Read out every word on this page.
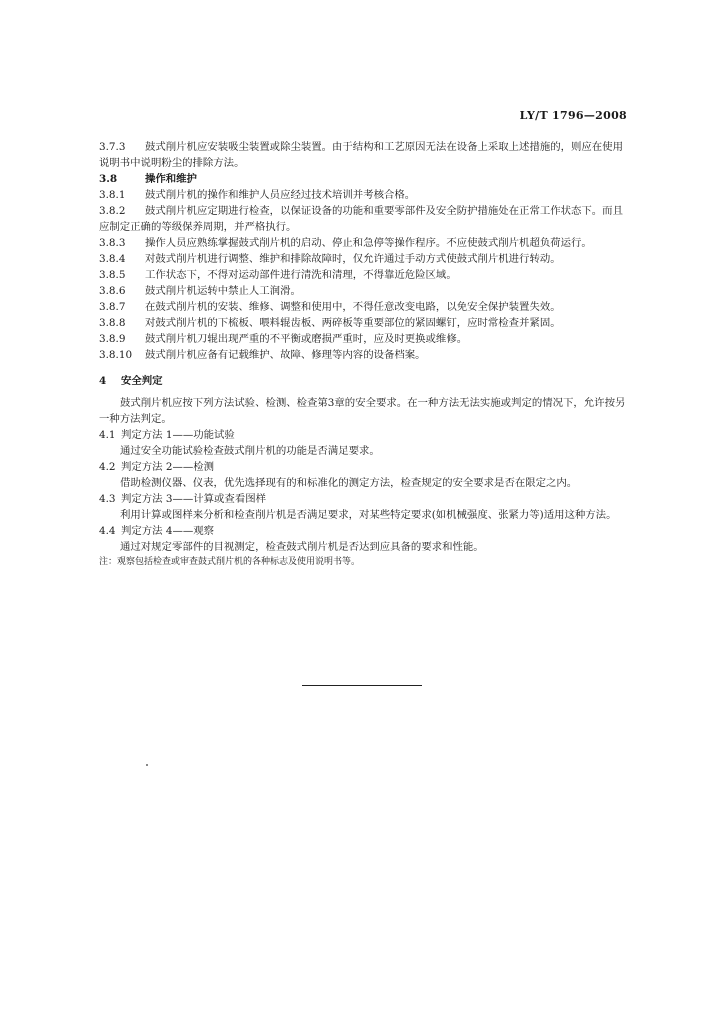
LY/T 1796—2008

3.7.3 鼓式削片机应安装吸尘装置或除尘装置。由于结构和工艺原因无法在设备上采取上述措施的，则应在使用说明书中说明粉尘的排除方法。

3.8	操作和维护

3.8.1 鼓式削片机的操作和维护人员应经过技术培训并考核合格。

3.8.2 鼓式削片机应定期进行检查，以保证设备的功能和重要零部件及安全防护措施处在正常工作状态下。而且应制定正确的等级保养周期，并严格执行。

3.8.3 操作人员应熟练掌握鼓式削片机的启动、停止和急停等操作程序。不应使鼓式削片机超负荷运行。

3.8.4 对鼓式削片机进行调整、维护和排除故障时，仅允许通过手动方式使鼓式削片机进行转动。

3.8.5 工作状态下，不得对运动部件进行清洗和清理，不得靠近危险区域。

3.8.6 鼓式削片机运转中禁止人工润滑。

3.8.7 在鼓式削片机的安装、维修、调整和使用中，不得任意改变电路，以免安全保护装置失效。

3.8.8 对鼓式削片机的下梳板、喂料辊齿板、两碎板等重要部位的紧固螺钉，应时常检查并紧固。

3.8.9 鼓式削片机刀辊出现严重的不平衡或磨损严重时，应及时更换或维修。

3.8.10 鼓式削片机应备有记载维护、故障、修理等内容的设备档案。

4 安全判定

鼓式削片机应按下列方法试验、检测、检查第3章的安全要求。在一种方法无法实施或判定的情况下，允许按另一种方法判定。

4.1 判定方法 1——功能试验

通过安全功能试验检查鼓式削片机的功能是否满足要求。

4.2 判定方法 2——检测

借助检测仪器、仪表，优先选择现有的和标准化的测定方法，检查规定的安全要求是否在限定之内。

4.3 判定方法 3——计算或查看图样

利用计算或图样来分析和检查削片机是否满足要求，对某些特定要求(如机械强度、张紧力等)适用这种方法。

4.4 判定方法 4——观察

通过对规定零部件的目视测定，检查鼓式削片机是否达到应具备的要求和性能。

注：观察包括检查或审查鼓式削片机的各种标志及使用说明书等。
